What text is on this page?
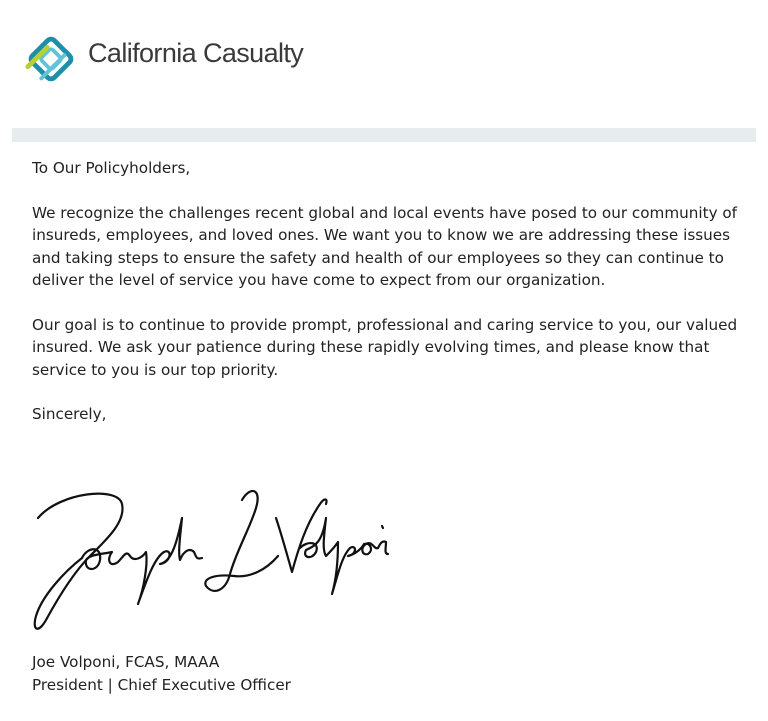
California Casualty

To Our Policyholders,

We recognize the challenges recent global and local events have posed to our community of insureds, employees, and loved ones. We want you to know we are addressing these issues and taking steps to ensure the safety and health of our employees so they can continue to deliver the level of service you have come to expect from our organization.

Our goal is to continue to provide prompt, professional and caring service to you, our valued insured. We ask your patience during these rapidly evolving times, and please know that service to you is our top priority.

Sincerely,

Joe Volponi, FCAS, MAAA
President | Chief Executive Officer
